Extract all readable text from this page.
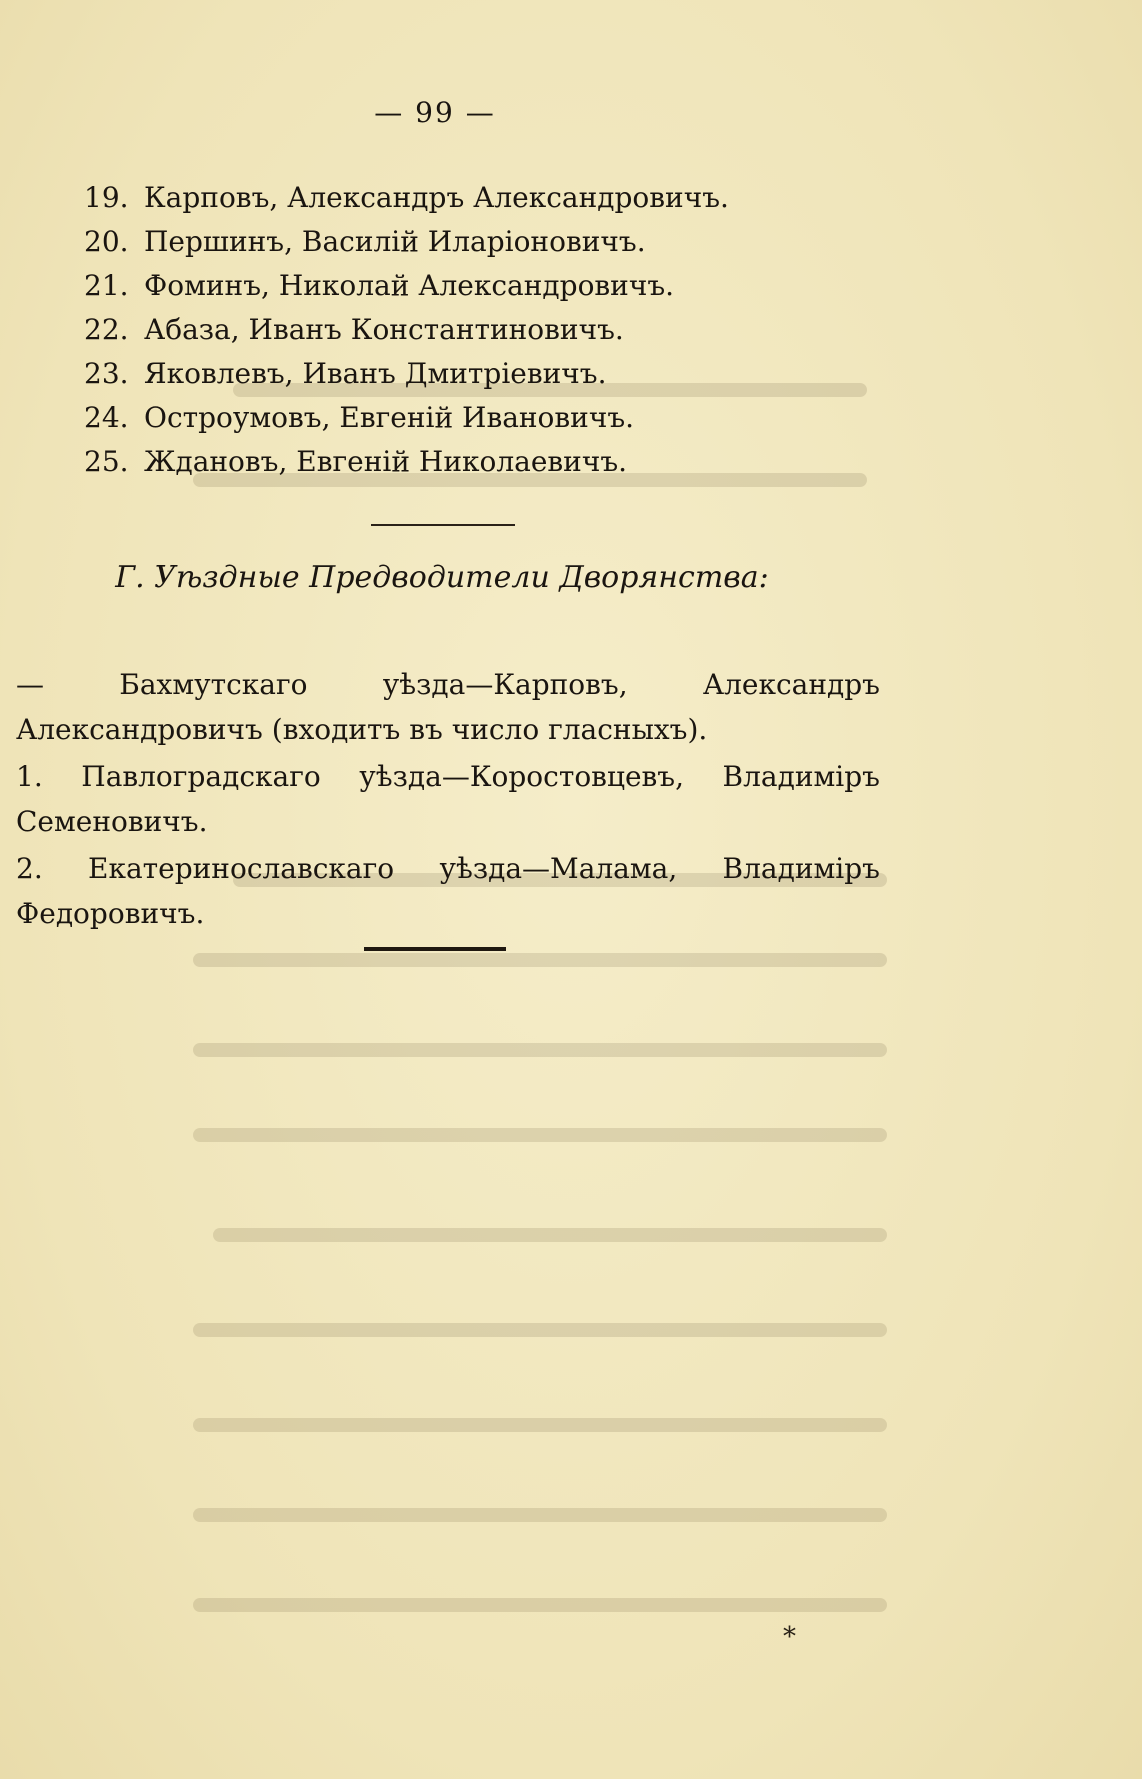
— 99 —
19. Карповъ, Александръ Александровичъ.
20. Першинъ, Василій Иларіоновичъ.
21. Фоминъ, Николай Александровичъ.
22. Абаза, Иванъ Константиновичъ.
23. Яковлевъ, Иванъ Дмитріевичъ.
24. Остроумовъ, Евгеній Ивановичъ.
25. Ждановъ, Евгеній Николаевичъ.
Г. Уѣздные Предводители Дворянства:

— Бахмутскаго уѣзда—Карповъ, Александръ Александровичъ (входитъ въ число гласныхъ).

1. Павлоградскаго уѣзда—Коростовцевъ, Владиміръ Семеновичъ.

2. Екатеринославскаго уѣзда—Малама, Владиміръ Федоровичъ.

*
